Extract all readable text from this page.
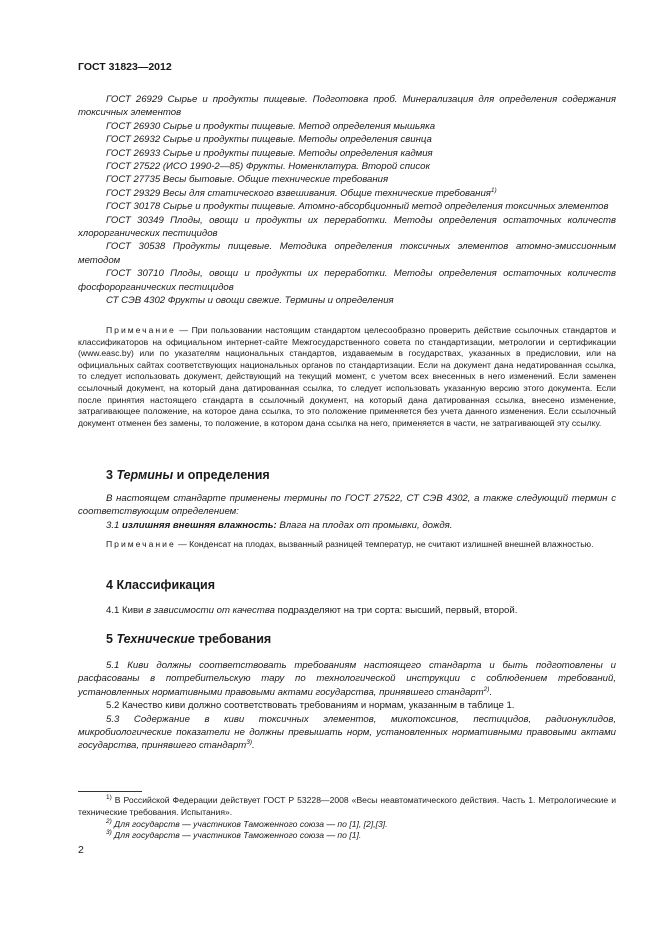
ГОСТ 31823—2012

ГОСТ 26929 Сырье и продукты пищевые. Подготовка проб. Минерализация для определения содержания токсичных элементов

ГОСТ 26930 Сырье и продукты пищевые. Метод определения мышьяка

ГОСТ 26932 Сырье и продукты пищевые. Методы определения свинца

ГОСТ 26933 Сырье и продукты пищевые. Методы определения кадмия

ГОСТ 27522 (ИСО 1990-2—85) Фрукты. Номенклатура. Второй список

ГОСТ 27735 Весы бытовые. Общие технические требования

ГОСТ 29329 Весы для статического взвешивания. Общие технические требования$^{1)}$

ГОСТ 30178 Сырье и продукты пищевые. Атомно-абсорбционный метод определения токсичных элементов

ГОСТ 30349 Плоды, овощи и продукты их переработки. Методы определения остаточных количеств хлорорганических пестицидов

ГОСТ 30538 Продукты пищевые. Методика определения токсичных элементов атомно-эмиссионным методом

ГОСТ 30710 Плоды, овощи и продукты их переработки. Методы определения остаточных количеств фосфорорганических пестицидов

СТ СЭВ 4302 Фрукты и овощи свежие. Термины и определения

Примечание — При пользовании настоящим стандартом целесообразно проверить действие ссылочных стандартов и классификаторов на официальном интернет-сайте Межгосударственного совета по стандартизации, метрологии и сертификации (www.easc.by) или по указателям национальных стандартов, издаваемым в государствах, указанных в предисловии, или на официальных сайтах соответствующих национальных органов по стандартизации. Если на документ дана недатированная ссылка, то следует использовать документ, действующий на текущий момент, с учетом всех внесенных в него изменений. Если заменен ссылочный документ, на который дана датированная ссылка, то следует использовать указанную версию этого документа. Если после принятия настоящего стандарта в ссылочный документ, на который дана датированная ссылка, внесено изменение, затрагивающее положение, на которое дана ссылка, то это положение применяется без учета данного изменения. Если ссылочный документ отменен без замены, то положение, в котором дана ссылка на него, применяется в части, не затрагивающей эту ссылку.

3 Термины и определения

В настоящем стандарте применены термины по ГОСТ 27522, СТ СЭВ 4302, а также следующий термин с соответствующим определением:

3.1 излишняя внешняя влажность: Влага на плодах от промывки, дождя.

Примечание — Конденсат на плодах, вызванный разницей температур, не считают излишней внешней влажностью.

4 Классификация

4.1 Киви в зависимости от качества подразделяют на три сорта: высший, первый, второй.

5 Технические требования

5.1 Киви должны соответствовать требованиям настоящего стандарта и быть подготовлены и расфасованы в потребительскую тару по технологической инструкции с соблюдением требований, установленных нормативными правовыми актами государства, принявшего стандарт$^{2)}$.

5.2 Качество киви должно соответствовать требованиям и нормам, указанным в таблице 1.

5.3 Содержание в киви токсичных элементов, микотоксинов, пестицидов, радионуклидов, микробиологические показатели не должны превышать норм, установленных нормативными правовыми актами государства, принявшего стандарт$^{3)}$.

$^{1)}$ В Российской Федерации действует ГОСТ Р 53228—2008 «Весы неавтоматического действия. Часть 1. Метрологические и технические требования. Испытания».

$^{2)}$ Для государств — участников Таможенного союза — по [1], [2],[3].

$^{3)}$ Для государств — участников Таможенного союза — по [1].

2
